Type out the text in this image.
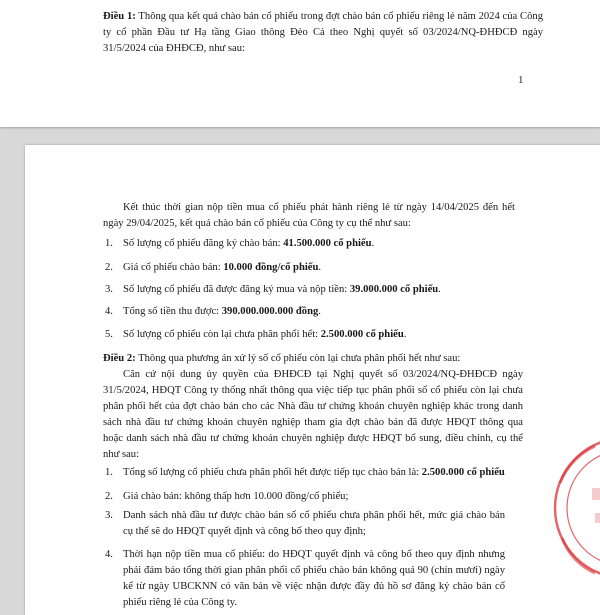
Điều 1: Thông qua kết quả chào bán cổ phiếu trong đợt chào bán cổ phiếu riêng lẻ năm 2024 của Công ty cổ phần Đầu tư Hạ tầng Giao thông Đèo Cả theo Nghị quyết số 03/2024/NQ-ĐHĐCĐ ngày 31/5/2024 của ĐHĐCĐ, như sau:
1
Kết thúc thời gian nộp tiền mua cổ phiếu phát hành riêng lẻ từ ngày 14/04/2025 đến hết ngày 29/04/2025, kết quả chào bán cổ phiếu của Công ty cụ thể như sau:
1. Số lượng cổ phiếu đăng ký chào bán: 41.500.000 cổ phiếu.
2. Giá cổ phiếu chào bán: 10.000 đồng/cổ phiếu.
3. Số lượng cổ phiếu đã được đăng ký mua và nộp tiền: 39.000.000 cổ phiếu.
4. Tổng số tiền thu được: 390.000.000.000 đồng.
5. Số lượng cổ phiếu còn lại chưa phân phối hết: 2.500.000 cổ phiếu.
Điều 2: Thông qua phương án xử lý số cổ phiếu còn lại chưa phân phối hết như sau:
Căn cứ nội dung ủy quyền của ĐHĐCĐ tại Nghị quyết số 03/2024/NQ-ĐHĐCĐ ngày 31/5/2024, HĐQT Công ty thống nhất thông qua việc tiếp tục phân phối số cổ phiếu còn lại chưa phân phối hết của đợt chào bán cho các Nhà đầu tư chứng khoán chuyên nghiệp khác trong danh sách nhà đầu tư chứng khoán chuyên nghiệp tham gia đợt chào bán đã được HĐQT thông qua hoặc danh sách nhà đầu tư chứng khoán chuyên nghiệp được HĐQT bổ sung, điều chỉnh, cụ thể như sau:
1. Tổng số lượng cổ phiếu chưa phân phối hết được tiếp tục chào bán là: 2.500.000 cổ phiếu
2. Giá chào bán: không thấp hơn 10.000 đồng/cổ phiếu;
3. Danh sách nhà đầu tư được chào bán số cổ phiếu chưa phân phối hết, mức giá chào bán cụ thể sẽ do HĐQT quyết định và công bố theo quy định;
4. Thời hạn nộp tiền mua cổ phiếu: do HĐQT quyết định và công bố theo quy định nhưng phải đảm bảo tổng thời gian phân phối cổ phiếu chào bán không quá 90 (chín mươi) ngày kể từ ngày UBCKNN có văn bản về việc nhận được đầy đủ hồ sơ đăng ký chào bán cổ phiếu riêng lẻ của Công ty.
